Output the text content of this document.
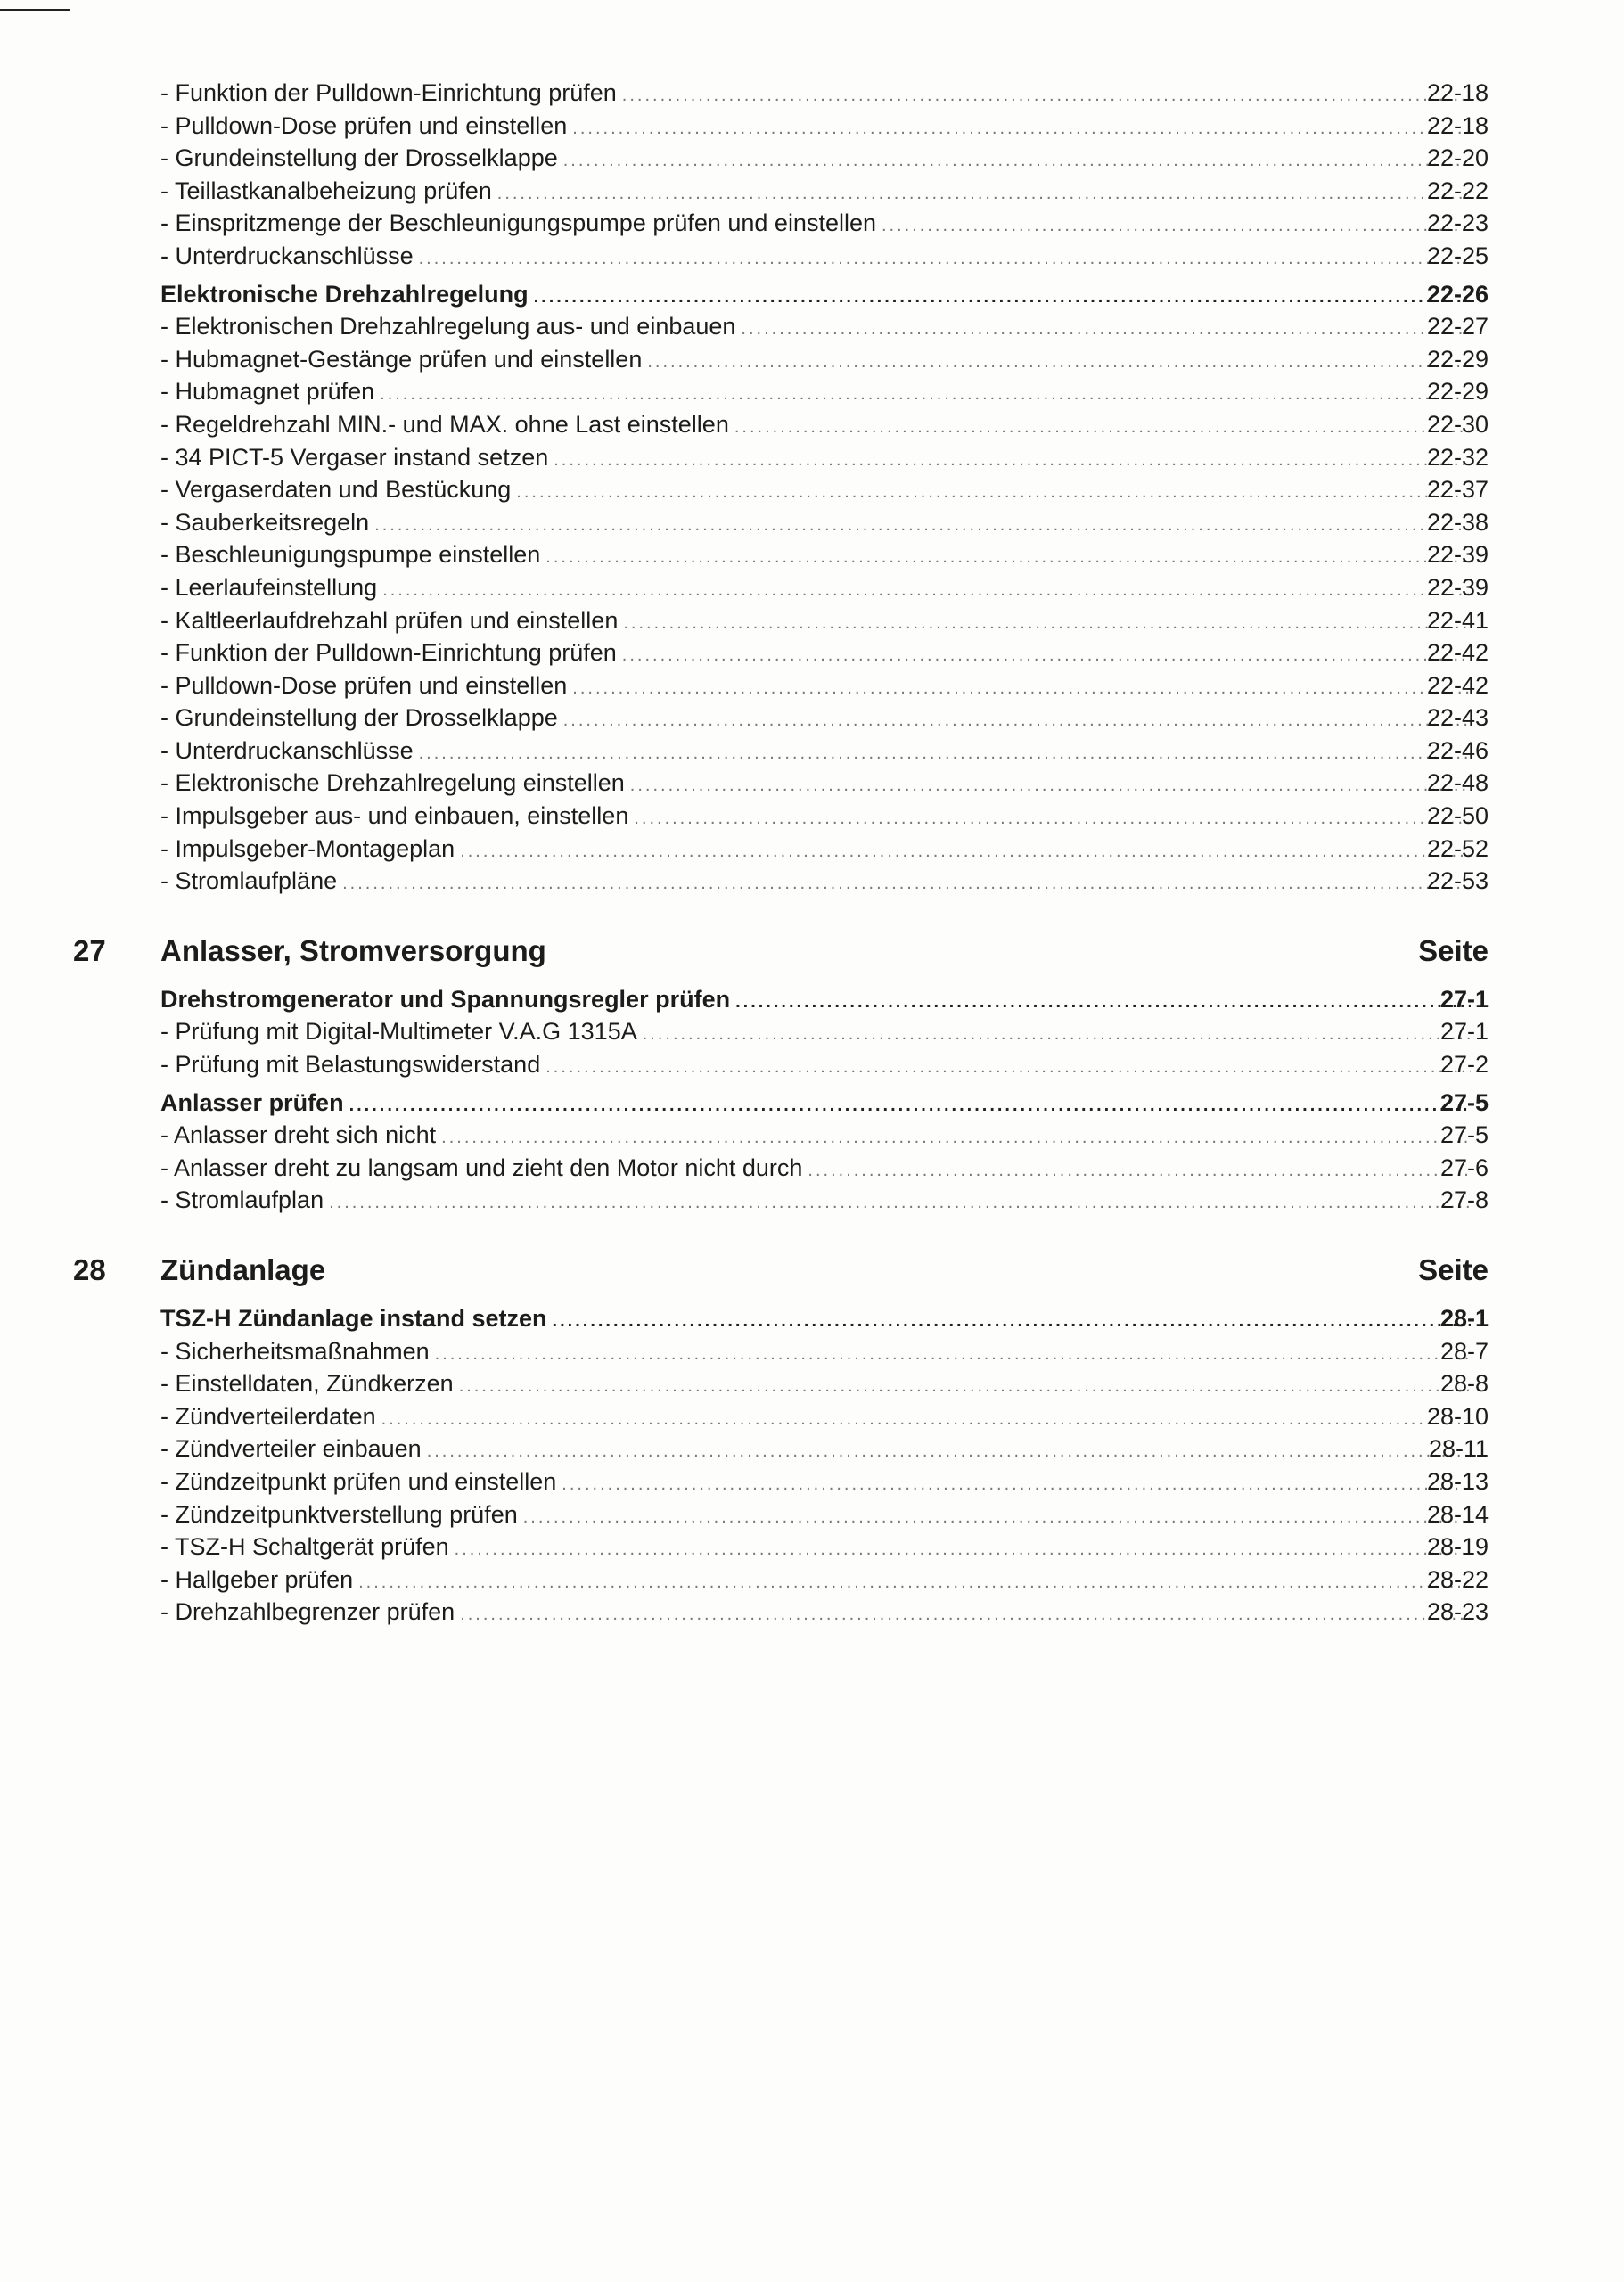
- Funktion der Pulldown-Einrichtung prüfen .....	22-18
- Pulldown-Dose prüfen und einstellen .....	22-18
- Grundeinstellung der Drosselklappe .....	22-20
- Teillastkanalbeheizung prüfen .....	22-22
- Einspritzmenge der Beschleunigungspumpe prüfen und einstellen .....	22-23
- Unterdruckanschlüsse .....	22-25
Elektronische Drehzahlregelung .....	22-26
- Elektronischen Drehzahlregelung aus- und einbauen .....	22-27
- Hubmagnet-Gestänge prüfen und einstellen .....	22-29
- Hubmagnet prüfen .....	22-29
- Regeldrehzahl MIN.- und MAX. ohne Last einstellen .....	22-30
- 34 PICT-5 Vergaser instand setzen .....	22-32
- Vergaserdaten und Bestückung .....	22-37
- Sauberkeitsregeln .....	22-38
- Beschleunigungspumpe einstellen .....	22-39
- Leerlaufeinstellung .....	22-39
- Kaltleerlaufdrehzahl prüfen und einstellen .....	22-41
- Funktion der Pulldown-Einrichtung prüfen .....	22-42
- Pulldown-Dose prüfen und einstellen .....	22-42
- Grundeinstellung der Drosselklappe .....	22-43
- Unterdruckanschlüsse .....	22-46
- Elektronische Drehzahlregelung einstellen .....	22-48
- Impulsgeber aus- und einbauen, einstellen .....	22-50
- Impulsgeber-Montageplan .....	22-52
- Stromlaufpläne .....	22-53
27 Anlasser, Stromversorgung	Seite
Drehstromgenerator und Spannungsregler prüfen .....	27-1
- Prüfung mit Digital-Multimeter V.A.G 1315A .....	27-1
- Prüfung mit Belastungswiderstand .....	27-2
Anlasser prüfen .....	27-5
- Anlasser dreht sich nicht .....	27-5
- Anlasser dreht zu langsam und zieht den Motor nicht durch .....	27-6
- Stromlaufplan .....	27-8
28 Zündanlage	Seite
TSZ-H Zündanlage instand setzen .....	28-1
- Sicherheitsmaßnahmen .....	28-7
- Einstelldaten, Zündkerzen .....	28-8
- Zündverteilerdaten .....	28-10
- Zündverteiler einbauen .....	28-11
- Zündzeitpunkt prüfen und einstellen .....	28-13
- Zündzeitpunktverstellung prüfen .....	28-14
- TSZ-H Schaltgerät prüfen .....	28-19
- Hallgeber prüfen .....	28-22
- Drehzahlbegrenzer prüfen .....	28-23
